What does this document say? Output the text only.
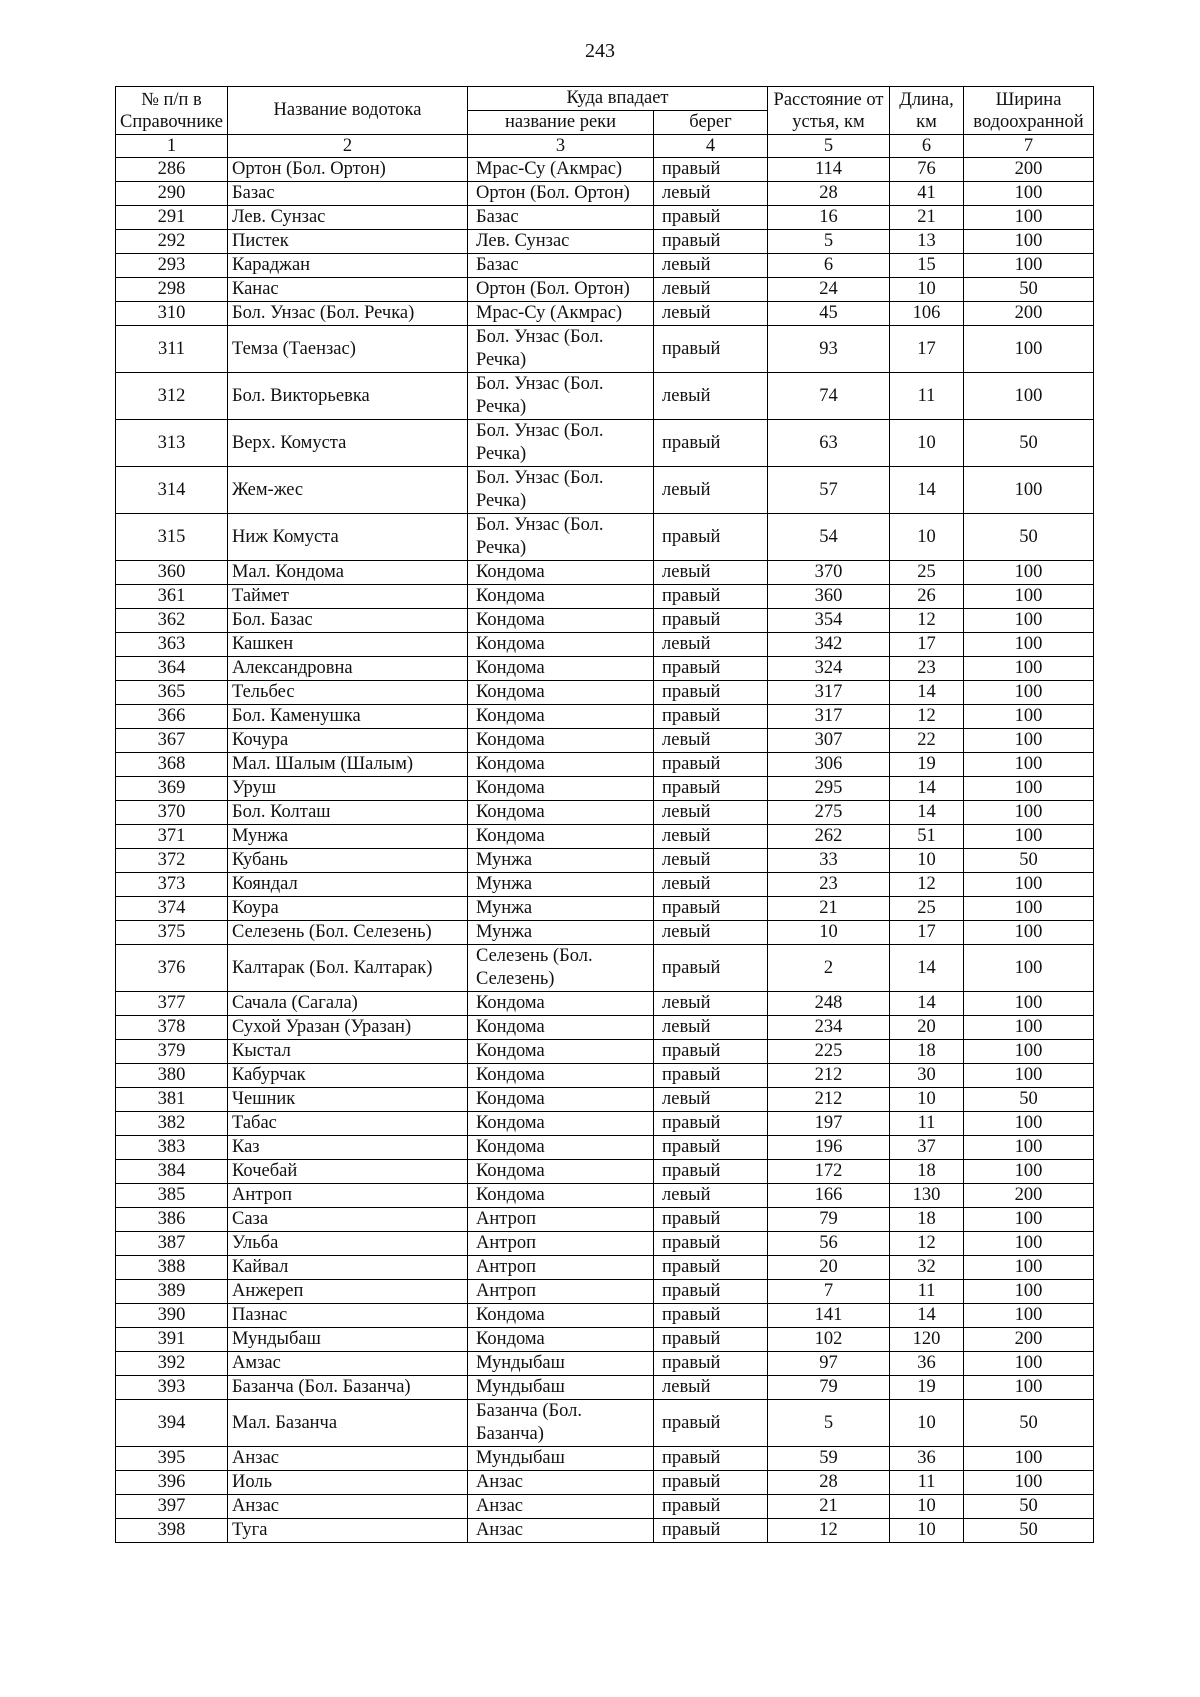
243
№ п/п в Справочнике	Название водотока	Куда впадает		Расстояние от устья, км	Длина, км	Ширина водоохранной
		название реки	берег			
1	2	3	4	5	6	7
286	Ортон (Бол. Ортон)	Мрас-Су (Акмрас)	правый	114	76	200
290	Базас	Ортон (Бол. Ортон)	левый	28	41	100
291	Лев. Сунзас	Базас	правый	16	21	100
292	Пистек	Лев. Сунзас	правый	5	13	100
293	Караджан	Базас	левый	6	15	100
298	Канас	Ортон (Бол. Ортон)	левый	24	10	50
310	Бол. Унзас (Бол. Речка)	Мрас-Су (Акмрас)	левый	45	106	200
311	Темза (Таензас)	Бол. Унзас (Бол. Речка)	правый	93	17	100
312	Бол. Викторьевка	Бол. Унзас (Бол. Речка)	левый	74	11	100
313	Верх. Комуста	Бол. Унзас (Бол. Речка)	правый	63	10	50
314	Жем-жес	Бол. Унзас (Бол. Речка)	левый	57	14	100
315	Ниж Комуста	Бол. Унзас (Бол. Речка)	правый	54	10	50
360	Мал. Кондома	Кондома	левый	370	25	100
361	Таймет	Кондома	правый	360	26	100
362	Бол. Базас	Кондома	правый	354	12	100
363	Кашкен	Кондома	левый	342	17	100
364	Александровна	Кондома	правый	324	23	100
365	Тельбес	Кондома	правый	317	14	100
366	Бол. Каменушка	Кондома	правый	317	12	100
367	Кочура	Кондома	левый	307	22	100
368	Мал. Шалым (Шалым)	Кондома	правый	306	19	100
369	Уруш	Кондома	правый	295	14	100
370	Бол. Колташ	Кондома	левый	275	14	100
371	Мунжа	Кондома	левый	262	51	100
372	Кубань	Мунжа	левый	33	10	50
373	Кояндал	Мунжа	левый	23	12	100
374	Коура	Мунжа	правый	21	25	100
375	Селезень (Бол. Селезень)	Мунжа	левый	10	17	100
376	Калтарак (Бол. Калтарак)	Селезень (Бол. Селезень)	правый	2	14	100
377	Сачала (Сагала)	Кондома	левый	248	14	100
378	Сухой Уразан (Уразан)	Кондома	левый	234	20	100
379	Кыстал	Кондома	правый	225	18	100
380	Кабурчак	Кондома	правый	212	30	100
381	Чешник	Кондома	левый	212	10	50
382	Табас	Кондома	правый	197	11	100
383	Каз	Кондома	правый	196	37	100
384	Кочебай	Кондома	правый	172	18	100
385	Антроп	Кондома	левый	166	130	200
386	Саза	Антроп	правый	79	18	100
387	Ульба	Антроп	правый	56	12	100
388	Кайвал	Антроп	правый	20	32	100
389	Анжереп	Антроп	правый	7	11	100
390	Пазнас	Кондома	правый	141	14	100
391	Мундыбаш	Кондома	правый	102	120	200
392	Амзас	Мундыбаш	правый	97	36	100
393	Базанча (Бол. Базанча)	Мундыбаш	левый	79	19	100
394	Мал. Базанча	Базанча (Бол. Базанча)	правый	5	10	50
395	Анзас	Мундыбаш	правый	59	36	100
396	Иоль	Анзас	правый	28	11	100
397	Анзас	Анзас	правый	21	10	50
398	Туга	Анзас	правый	12	10	50
